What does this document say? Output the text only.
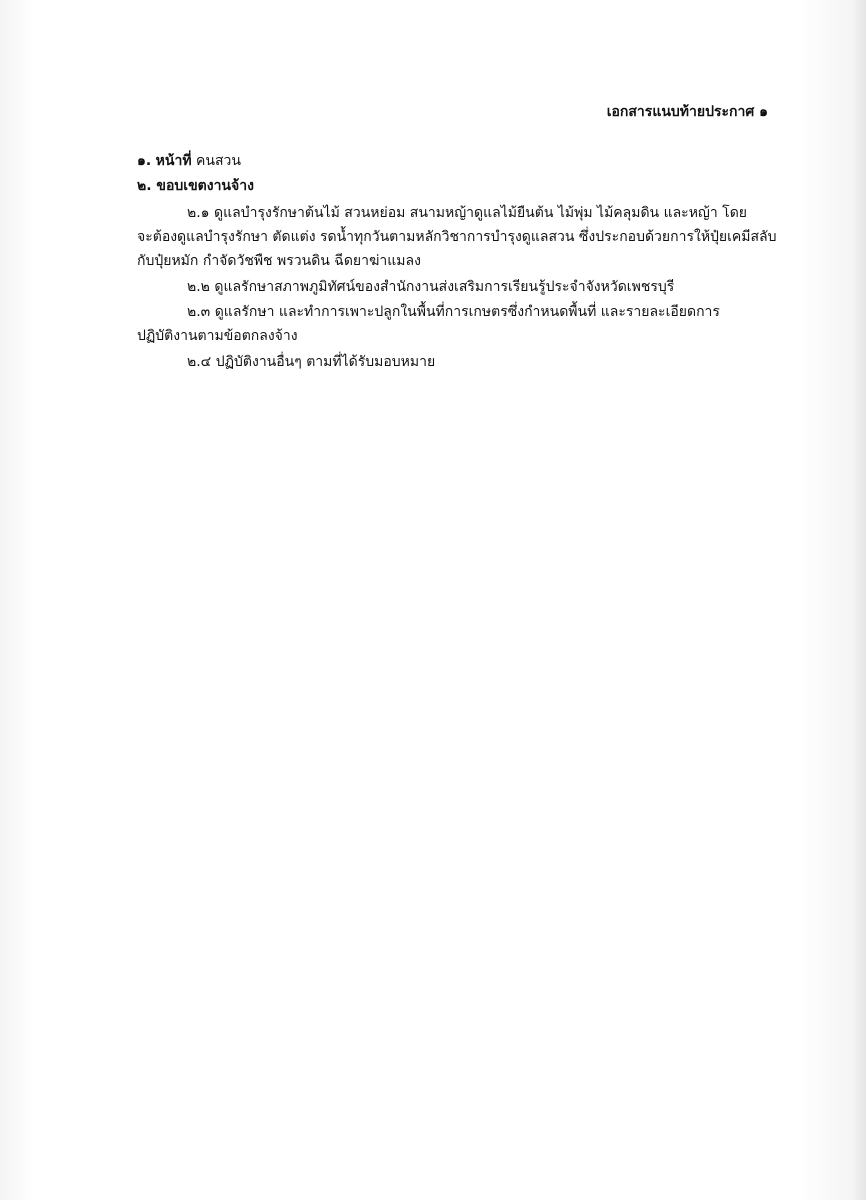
เอกสารแนบท้ายประกาศ ๑
๑. หน้าที่ คนสวน
๒. ขอบเขตงานจ้าง
๒.๑ ดูแลบำรุงรักษาต้นไม้ สวนหย่อม สนามหญ้าดูแลไม้ยืนต้น ไม้พุ่ม ไม้คลุมดิน และหญ้า โดย
จะต้องดูแลบำรุงรักษา ตัดแต่ง รดน้ำทุกวันตามหลักวิชาการบำรุงดูแลสวน ซึ่งประกอบด้วยการให้ปุ๋ยเคมีสลับ
กับปุ๋ยหมัก กำจัดวัชพืช พรวนดิน ฉีดยาฆ่าแมลง
๒.๒ ดูแลรักษาสภาพภูมิทัศน์ของสำนักงานส่งเสริมการเรียนรู้ประจำจังหวัดเพชรบุรี
๒.๓ ดูแลรักษา และทำการเพาะปลูกในพื้นที่การเกษตรซึ่งกำหนดพื้นที่ และรายละเอียดการ
ปฏิบัติงานตามข้อตกลงจ้าง
๒.๔ ปฏิบัติงานอื่นๆ ตามที่ได้รับมอบหมาย
